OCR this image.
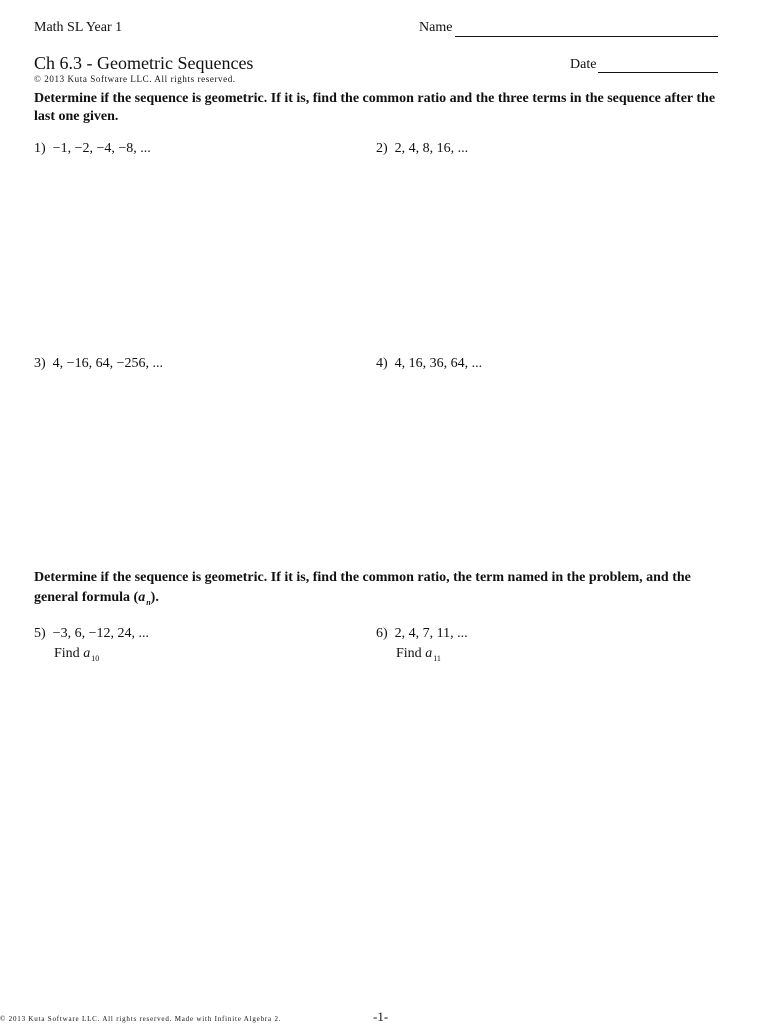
Math SL Year 1	Name
Ch 6.3 - Geometric Sequences	Date
© 2013 Kuta Software LLC. All rights reserved.
Determine if the sequence is geometric. If it is, find the common ratio and the three terms in the sequence after the last one given.
1) −1, −2, −4, −8, ...	2) 2, 4, 8, 16, ...
3) 4, −16, 64, −256, ...	4) 4, 16, 36, 64, ...
Determine if the sequence is geometric. If it is, find the common ratio, the term named in the problem, and the general formula $(a_n)$.
5) −3, 6, −12, 24, ...
Find $a_{10}$
6) 2, 4, 7, 11, ...
Find $a_{11}$
© 2013 Kuta Software LLC. All rights reserved. Made with Infinite Algebra 2.	-1-
